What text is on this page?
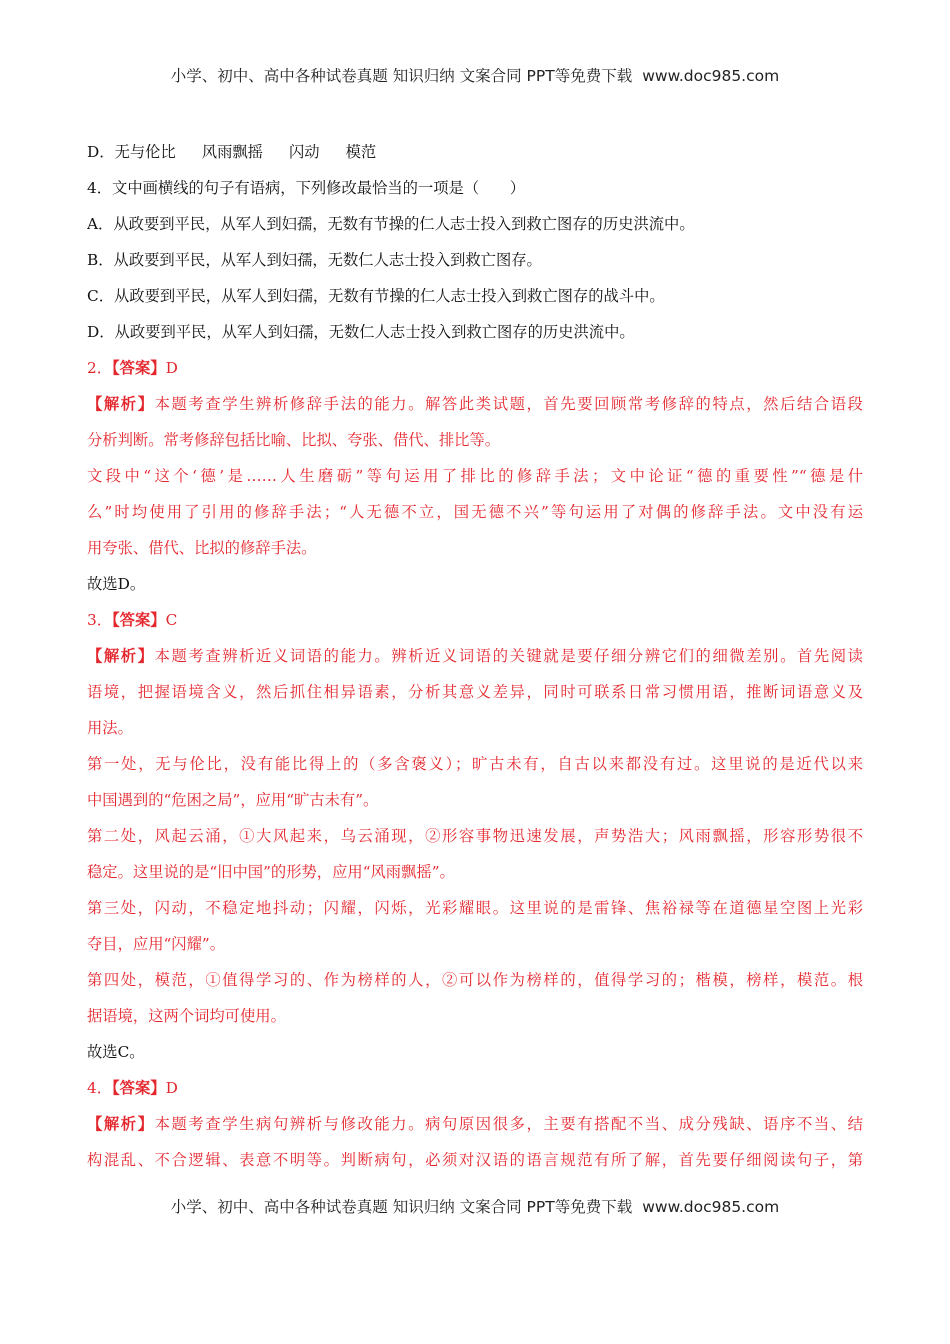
小学、初中、高中各种试卷真题 知识归纳 文案合同 PPT等免费下载 www.doc985.com
D．无与伦比 风雨飘摇 闪动 模范
4．文中画横线的句子有语病，下列修改最恰当的一项是（　　）
A．从政要到平民，从军人到妇孺，无数有节操的仁人志士投入到救亡图存的历史洪流中。
B．从政要到平民，从军人到妇孺，无数仁人志士投入到救亡图存。
C．从政要到平民，从军人到妇孺，无数有节操的仁人志士投入到救亡图存的战斗中。
D．从政要到平民，从军人到妇孺，无数仁人志士投入到救亡图存的历史洪流中。
2．【答案】D
【解析】本题考查学生辨析修辞手法的能力。解答此类试题，首先要回顾常考修辞的特点，然后结合语段
分析判断。常考修辞包括比喻、比拟、夸张、借代、排比等。
文段中“这个‘德’是……人生磨砺”等句运用了排比的修辞手法；文中论证“德的重要性”“德是什
么”时均使用了引用的修辞手法；“人无德不立，国无德不兴”等句运用了对偶的修辞手法。文中没有运
用夸张、借代、比拟的修辞手法。
故选D。
3．【答案】C
【解析】本题考查辨析近义词语的能力。辨析近义词语的关键就是要仔细分辨它们的细微差别。首先阅读
语境，把握语境含义，然后抓住相异语素，分析其意义差异，同时可联系日常习惯用语，推断词语意义及
用法。
第一处，无与伦比，没有能比得上的（多含褒义）；旷古未有，自古以来都没有过。这里说的是近代以来
中国遇到的“危困之局”，应用“旷古未有”。
第二处，风起云涌，①大风起来，乌云涌现，②形容事物迅速发展，声势浩大；风雨飘摇，形容形势很不
稳定。这里说的是“旧中国”的形势，应用“风雨飘摇”。
第三处，闪动，不稳定地抖动；闪耀，闪烁，光彩耀眼。这里说的是雷锋、焦裕禄等在道德星空图上光彩
夺目，应用“闪耀”。
第四处，模范，①值得学习的、作为榜样的人，②可以作为榜样的，值得学习的；楷模，榜样，模范。根
据语境，这两个词均可使用。
故选C。
4．【答案】D
【解析】本题考查学生病句辨析与修改能力。病句原因很多，主要有搭配不当、成分残缺、语序不当、结
构混乱、不合逻辑、表意不明等。判断病句，必须对汉语的语言规范有所了解，首先要仔细阅读句子，第
小学、初中、高中各种试卷真题 知识归纳 文案合同 PPT等免费下载 www.doc985.com
